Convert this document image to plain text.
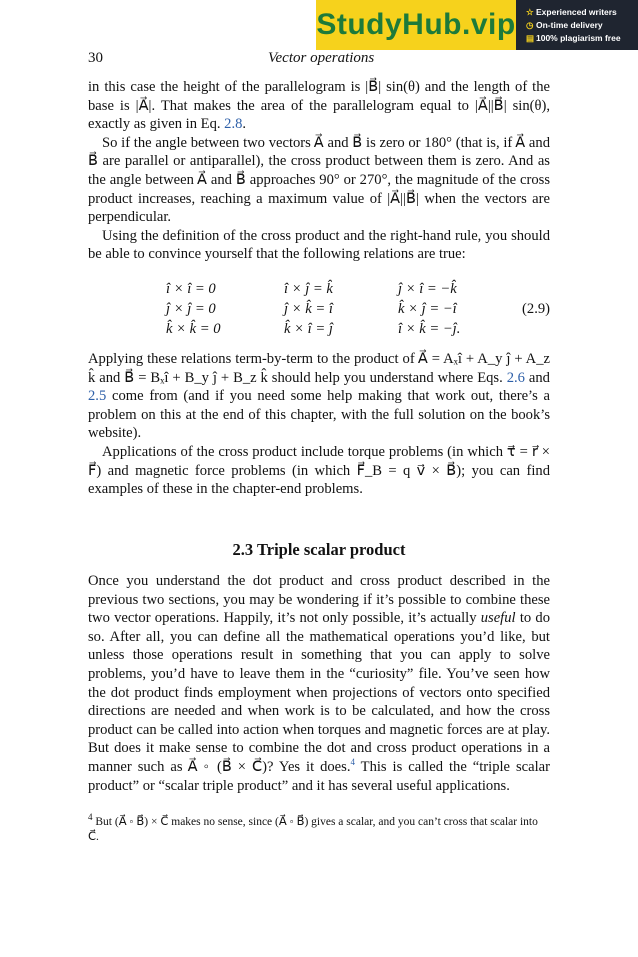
StudyHub.vip ☆ Experienced writers
◷ On-time delivery
▤ 100% plagiarism free
30	Vector operations

in this case the height of the parallelogram is |B⃗| sin(θ) and the length of the base is |A⃗|. That makes the area of the parallelogram equal to |A⃗||B⃗| sin(θ), exactly as given in Eq. 2.8.

So if the angle between two vectors A⃗ and B⃗ is zero or 180° (that is, if A⃗ and B⃗ are parallel or antiparallel), the cross product between them is zero. And as the angle between A⃗ and B⃗ approaches 90° or 270°, the magnitude of the cross product increases, reaching a maximum value of |A⃗||B⃗| when the vectors are perpendicular.

Using the definition of the cross product and the right-hand rule, you should be able to convince yourself that the following relations are true:

î × î = 0	î × ĵ = k̂	ĵ × î = −k̂
ĵ × ĵ = 0	ĵ × k̂ = î	k̂ × ĵ = −î
k̂ × k̂ = 0	k̂ × î = ĵ	î × k̂ = −ĵ.
(2.9)

Applying these relations term-by-term to the product of A⃗ = Aₓî + A_y ĵ + A_z k̂ and B⃗ = Bₓî + B_y ĵ + B_z k̂ should help you understand where Eqs. 2.6 and 2.5 come from (and if you need some help making that work out, there’s a problem on this at the end of this chapter, with the full solution on the book’s website).

Applications of the cross product include torque problems (in which τ⃗ = r⃗ × F⃗) and magnetic force problems (in which F⃗_B = q v⃗ × B⃗); you can find examples of these in the chapter-end problems.

2.3 Triple scalar product

Once you understand the dot product and cross product described in the previous two sections, you may be wondering if it’s possible to combine these two vector operations. Happily, it’s not only possible, it’s actually useful to do so. After all, you can define all the mathematical operations you’d like, but unless those operations result in something that you can apply to solve problems, you’d have to leave them in the “curiosity” file. You’ve seen how the dot product finds employment when projections of vectors onto specified directions are needed and when work is to be calculated, and how the cross product can be called into action when torques and magnetic forces are at play. But does it make sense to combine the dot and cross product operations in a manner such as A⃗ ◦ (B⃗ × C⃗)? Yes it does.$^4$ This is called the “triple scalar product” or “scalar triple product” and it has several useful applications.

$^4$ But (A⃗ ◦ B⃗) × C⃗ makes no sense, since (A⃗ ◦ B⃗) gives a scalar, and you can’t cross that scalar into C⃗.
